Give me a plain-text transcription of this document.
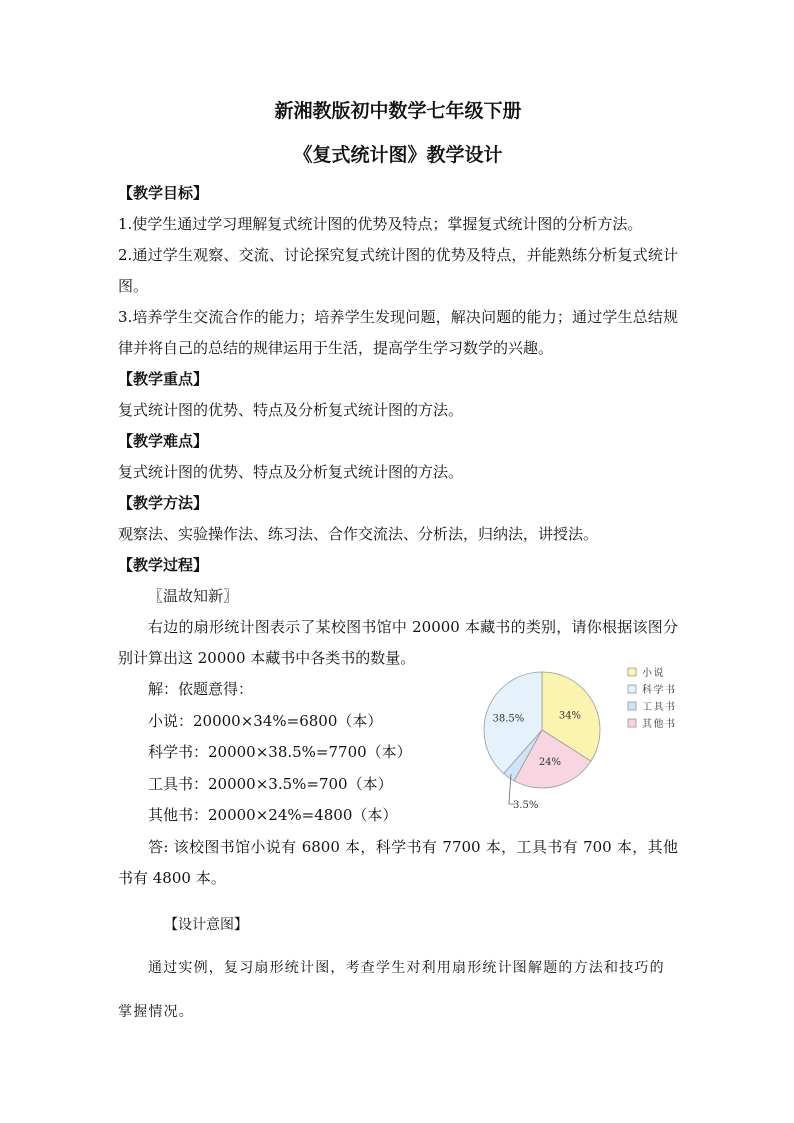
新湘教版初中数学七年级下册

《复式统计图》教学设计

【教学目标】

1.使学生通过学习理解复式统计图的优势及特点；掌握复式统计图的分析方法。

2.通过学生观察、交流、讨论探究复式统计图的优势及特点，并能熟练分析复式统计图。

3.培养学生交流合作的能力；培养学生发现问题，解决问题的能力；通过学生总结规律并将自己的总结的规律运用于生活，提高学生学习数学的兴趣。

【教学重点】

复式统计图的优势、特点及分析复式统计图的方法。

【教学难点】

复式统计图的优势、特点及分析复式统计图的方法。

【教学方法】

观察法、实验操作法、练习法、合作交流法、分析法，归纳法，讲授法。

【教学过程】

〖温故知新〗

右边的扇形统计图表示了某校图书馆中 20000 本藏书的类别，请你根据该图分别计算出这 20000 本藏书中各类书的数量。

解：依题意得：

小说：20000×34%=6800（本）

科学书：20000×38.5%=7700（本）

工具书：20000×3.5%=700（本）

其他书：20000×24%=4800（本）

答: 该校图书馆小说有 6800 本，科学书有 7700 本，工具书有 700 本，其他书有 4800 本。

【设计意图】

通过实例，复习扇形统计图，考查学生对利用扇形统计图解题的方法和技巧的掌握情况。

34%
38.5%
24%
3.5%
小说
科学书
工具书
其他书
